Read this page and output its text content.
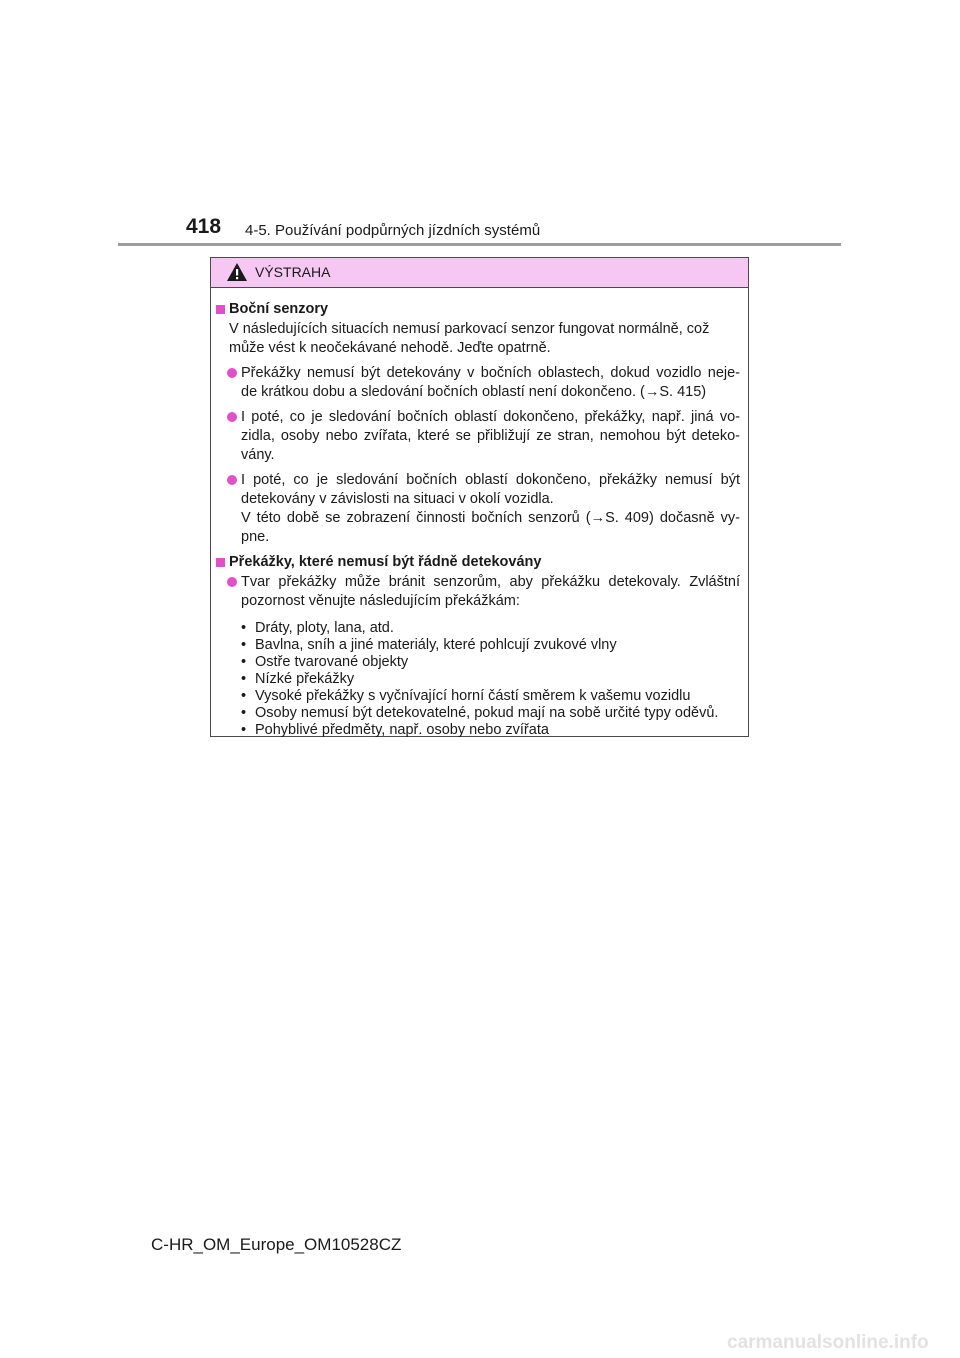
418 4-5. Používání podpůrných jízdních systémů
VÝSTRAHA
Boční senzory
V následujících situacích nemusí parkovací senzor fungovat normálně, což
může vést k neočekávané nehodě. Jeďte opatrně.
Překážky nemusí být detekovány v bočních oblastech, dokud vozidlo neje-
de krátkou dobu a sledování bočních oblastí není dokončeno. (→S. 415)
I poté, co je sledování bočních oblastí dokončeno, překážky, např. jiná vo-
zidla, osoby nebo zvířata, které se přibližují ze stran, nemohou být deteko-
vány.
I poté, co je sledování bočních oblastí dokončeno, překážky nemusí být
detekovány v závislosti na situaci v okolí vozidla.
V této době se zobrazení činnosti bočních senzorů (→S. 409) dočasně vy-
pne.
Překážky, které nemusí být řádně detekovány
Tvar překážky může bránit senzorům, aby překážku detekovaly. Zvláštní
pozornost věnujte následujícím překážkám:
• Dráty, ploty, lana, atd.
• Bavlna, sníh a jiné materiály, které pohlcují zvukové vlny
• Ostře tvarované objekty
• Nízké překážky
• Vysoké překážky s vyčnívající horní částí směrem k vašemu vozidlu
• Osoby nemusí být detekovatelné, pokud mají na sobě určité typy oděvů.
• Pohyblivé předměty, např. osoby nebo zvířata
C-HR_OM_Europe_OM10528CZ
carmanualsonline.info
